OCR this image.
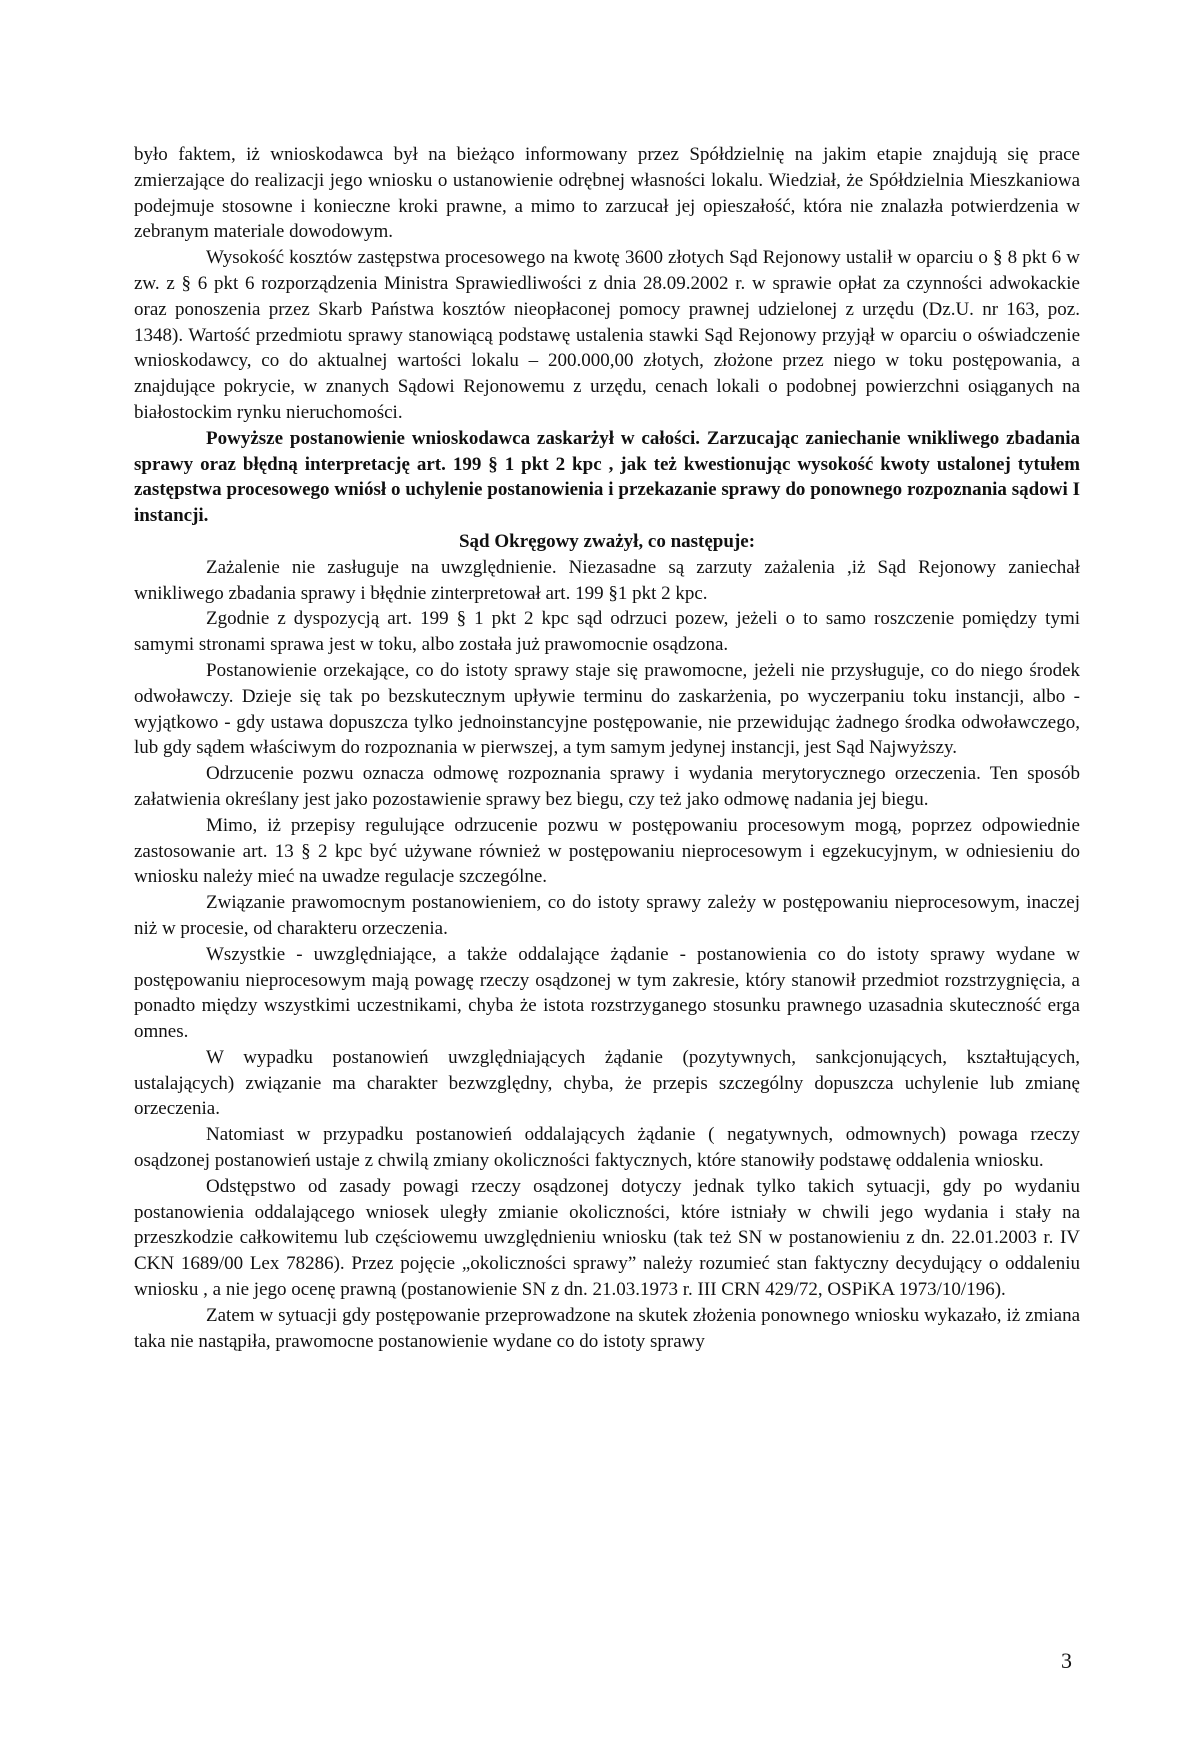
było faktem, iż wnioskodawca był na bieżąco informowany przez Spółdzielnię na jakim etapie znajdują się prace zmierzające do realizacji jego wniosku o ustanowienie odrębnej własności lokalu. Wiedział, że Spółdzielnia Mieszkaniowa podejmuje stosowne i konieczne kroki prawne, a mimo to zarzucał jej opieszałość, która nie znalazła potwierdzenia w zebranym materiale dowodowym.

Wysokość kosztów zastępstwa procesowego na kwotę 3600 złotych Sąd Rejonowy ustalił w oparciu o § 8 pkt 6 w zw. z § 6 pkt 6 rozporządzenia Ministra Sprawiedliwości z dnia 28.09.2002 r. w sprawie opłat za czynności adwokackie oraz ponoszenia przez Skarb Państwa kosztów nieopłaconej pomocy prawnej udzielonej z urzędu (Dz.U. nr 163, poz. 1348). Wartość przedmiotu sprawy stanowiącą podstawę ustalenia stawki Sąd Rejonowy przyjął w oparciu o oświadczenie wnioskodawcy, co do aktualnej wartości lokalu – 200.000,00 złotych, złożone przez niego w toku postępowania, a znajdujące pokrycie, w znanych Sądowi Rejonowemu z urzędu, cenach lokali o podobnej powierzchni osiąganych na białostockim rynku nieruchomości.

Powyższe postanowienie wnioskodawca zaskarżył w całości. Zarzucając zaniechanie wnikliwego zbadania sprawy oraz błędną interpretację art. 199 § 1 pkt 2 kpc , jak też kwestionując wysokość kwoty ustalonej tytułem zastępstwa procesowego wniósł o uchylenie postanowienia i przekazanie sprawy do ponownego rozpoznania sądowi I instancji.

Sąd Okręgowy zważył, co następuje:

Zażalenie nie zasługuje na uwzględnienie. Niezasadne są zarzuty zażalenia ,iż Sąd Rejonowy zaniechał wnikliwego zbadania sprawy i błędnie zinterpretował art. 199 §1 pkt 2 kpc.

Zgodnie z dyspozycją art. 199 § 1 pkt 2 kpc sąd odrzuci pozew, jeżeli o to samo roszczenie pomiędzy tymi samymi stronami sprawa jest w toku, albo została już prawomocnie osądzona.

Postanowienie orzekające, co do istoty sprawy staje się prawomocne, jeżeli nie przysługuje, co do niego środek odwoławczy. Dzieje się tak po bezskutecznym upływie terminu do zaskarżenia, po wyczerpaniu toku instancji, albo -wyjątkowo - gdy ustawa dopuszcza tylko jednoinstancyjne postępowanie, nie przewidując żadnego środka odwoławczego, lub gdy sądem właściwym do rozpoznania w pierwszej, a tym samym jedynej instancji, jest Sąd Najwyższy.

Odrzucenie pozwu oznacza odmowę rozpoznania sprawy i wydania merytorycznego orzeczenia. Ten sposób załatwienia określany jest jako pozostawienie sprawy bez biegu, czy też jako odmowę nadania jej biegu.

Mimo, iż przepisy regulujące odrzucenie pozwu w postępowaniu procesowym mogą, poprzez odpowiednie zastosowanie art. 13 § 2 kpc być używane również w postępowaniu nieprocesowym i egzekucyjnym, w odniesieniu do wniosku należy mieć na uwadze regulacje szczególne.

Związanie prawomocnym postanowieniem, co do istoty sprawy zależy w postępowaniu nieprocesowym, inaczej niż w procesie, od charakteru orzeczenia.

Wszystkie - uwzględniające, a także oddalające żądanie - postanowienia co do istoty sprawy wydane w postępowaniu nieprocesowym mają powagę rzeczy osądzonej w tym zakresie, który stanowił przedmiot rozstrzygnięcia, a ponadto między wszystkimi uczestnikami, chyba że istota rozstrzyganego stosunku prawnego uzasadnia skuteczność erga omnes.

W wypadku postanowień uwzględniających żądanie (pozytywnych, sankcjonujących, kształtujących, ustalających) związanie ma charakter bezwzględny, chyba, że przepis szczególny dopuszcza uchylenie lub zmianę orzeczenia.

Natomiast w przypadku postanowień oddalających żądanie ( negatywnych, odmownych) powaga rzeczy osądzonej postanowień ustaje z chwilą zmiany okoliczności faktycznych, które stanowiły podstawę oddalenia wniosku.

Odstępstwo od zasady powagi rzeczy osądzonej dotyczy jednak tylko takich sytuacji, gdy po wydaniu postanowienia oddalającego wniosek uległy zmianie okoliczności, które istniały w chwili jego wydania i stały na przeszkodzie całkowitemu lub częściowemu uwzględnieniu wniosku (tak też SN w postanowieniu z dn. 22.01.2003 r. IV CKN 1689/00 Lex 78286). Przez pojęcie „okoliczności sprawy” należy rozumieć stan faktyczny decydujący o oddaleniu wniosku , a nie jego ocenę prawną (postanowienie SN z dn. 21.03.1973 r. III CRN 429/72, OSPiKA 1973/10/196).

Zatem w sytuacji gdy postępowanie przeprowadzone na skutek złożenia ponownego wniosku wykazało, iż zmiana taka nie nastąpiła, prawomocne postanowienie wydane co do istoty sprawy

3
